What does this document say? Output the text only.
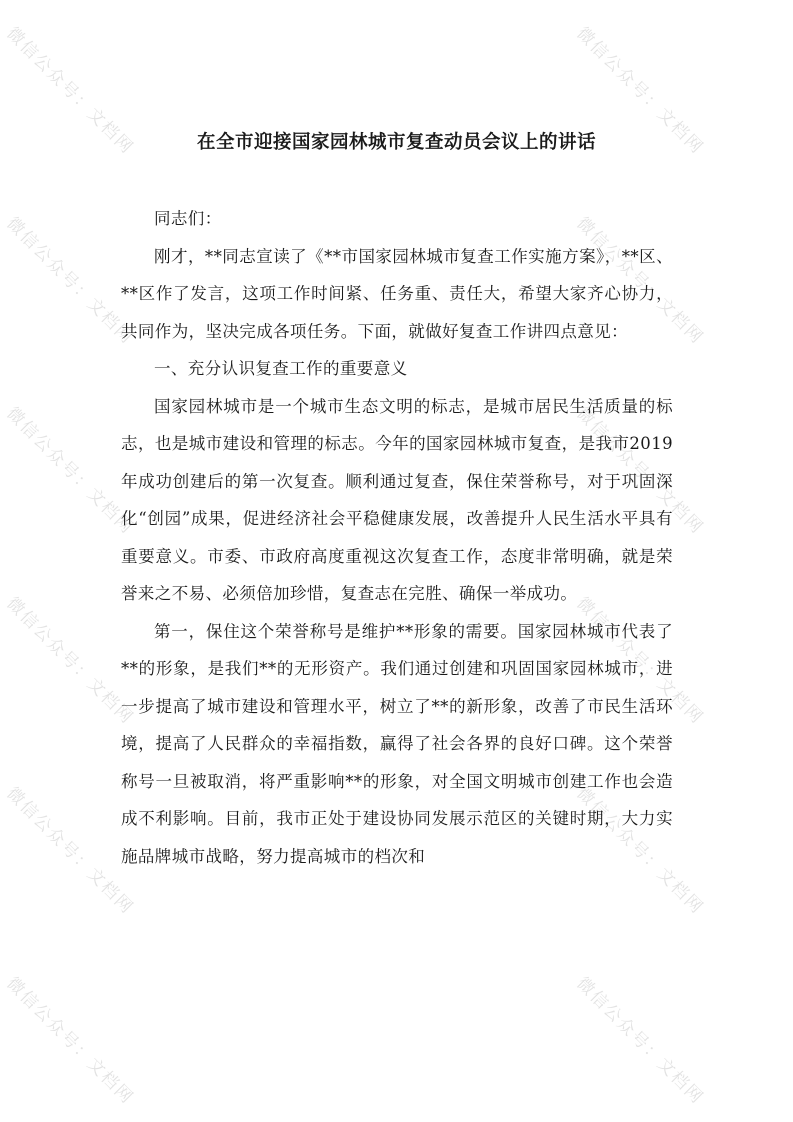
微信公众号：文档网	微信公众号：文档网
微信公众号：文档网	微信公众号：文档网
微信公众号：文档网	微信公众号：文档网
微信公众号：文档网	微信公众号：文档网
微信公众号：文档网	微信公众号：文档网
微信公众号：文档网	微信公众号：文档网
在全市迎接国家园林城市复查动员会议上的讲话

同志们：

刚才，**同志宣读了《**市国家园林城市复查工作实施方案》，**区、**区作了发言，这项工作时间紧、任务重、责任大，希望大家齐心协力，共同作为，坚决完成各项任务。下面，就做好复查工作讲四点意见：

一、充分认识复查工作的重要意义

国家园林城市是一个城市生态文明的标志，是城市居民生活质量的标志，也是城市建设和管理的标志。今年的国家园林城市复查，是我市2019年成功创建后的第一次复查。顺利通过复查，保住荣誉称号，对于巩固深化“创园”成果，促进经济社会平稳健康发展，改善提升人民生活水平具有重要意义。市委、市政府高度重视这次复查工作，态度非常明确，就是荣誉来之不易、必须倍加珍惜，复查志在完胜、确保一举成功。

第一，保住这个荣誉称号是维护**形象的需要。国家园林城市代表了**的形象，是我们**的无形资产。我们通过创建和巩固国家园林城市，进一步提高了城市建设和管理水平，树立了**的新形象，改善了市民生活环境，提高了人民群众的幸福指数，赢得了社会各界的良好口碑。这个荣誉称号一旦被取消，将严重影响**的形象，对全国文明城市创建工作也会造成不利影响。目前，我市正处于建设协同发展示范区的关键时期，大力实施品牌城市战略，努力提高城市的档次和
